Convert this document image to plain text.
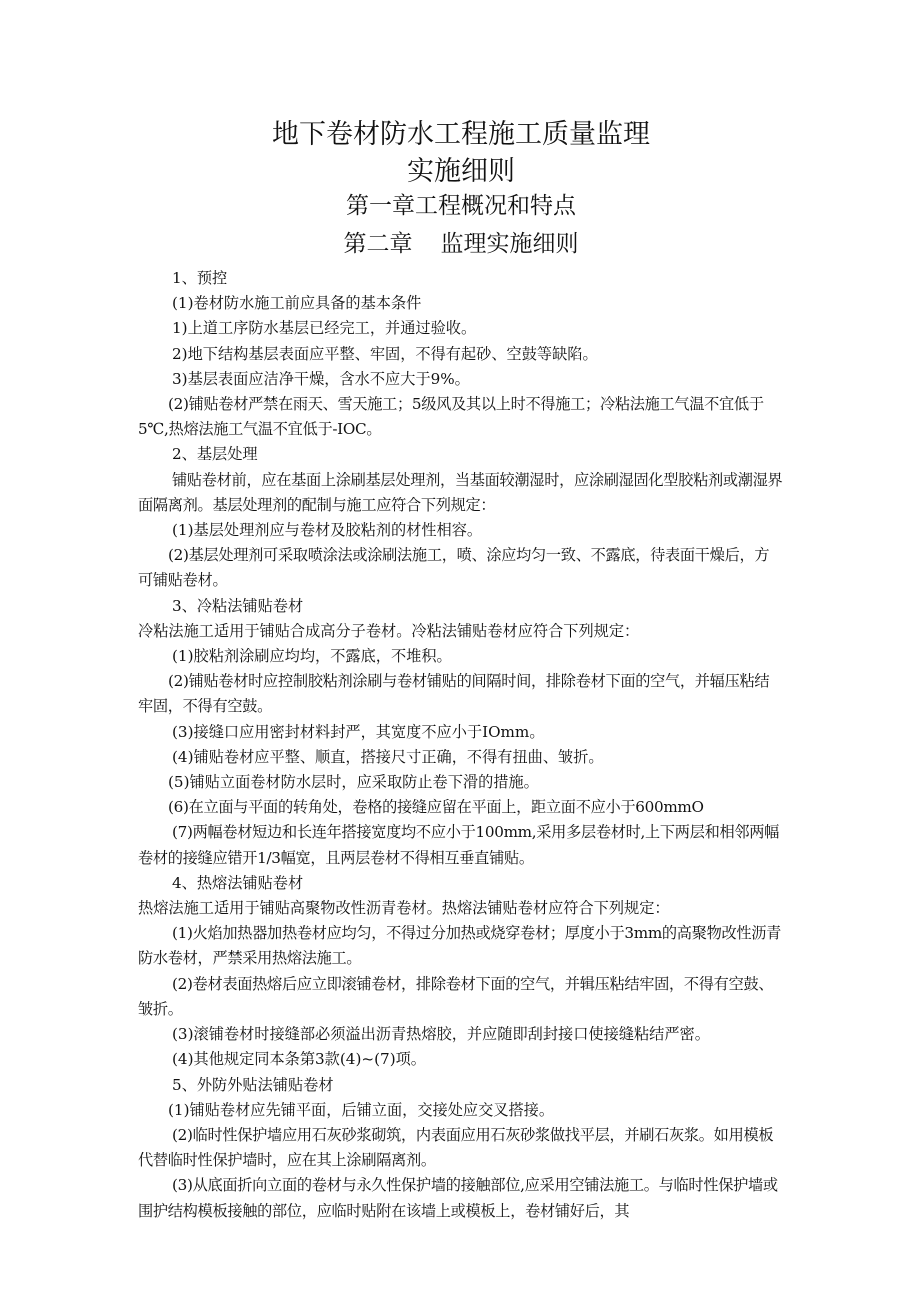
地下卷材防水工程施工质量监理
实施细则
第一章工程概况和特点
第二章 监理实施细则

1、预控

(1)卷材防水施工前应具备的基本条件

1)上道工序防水基层已经完工，并通过验收。

2)地下结构基层表面应平整、牢固，不得有起砂、空鼓等缺陷。

3)基层表面应洁净干燥，含水不应大于9%。

(2)铺贴卷材严禁在雨天、雪天施工；5级风及其以上时不得施工；冷粘法施工气温不宜低于5℃,热熔法施工气温不宜低于-IOC。

2、基层处理

铺贴卷材前，应在基面上涂刷基层处理剂，当基面较潮湿时，应涂刷湿固化型胶粘剂或潮湿界面隔离剂。基层处理剂的配制与施工应符合下列规定：

(1)基层处理剂应与卷材及胶粘剂的材性相容。

(2)基层处理剂可采取喷涂法或涂刷法施工，喷、涂应均匀一致、不露底，待表面干燥后，方可铺贴卷材。

3、冷粘法铺贴卷材

冷粘法施工适用于铺贴合成高分子卷材。冷粘法铺贴卷材应符合下列规定：

(1)胶粘剂涂刷应均均，不露底，不堆积。

(2)铺贴卷材时应控制胶粘剂涂刷与卷材铺贴的间隔时间，排除卷材下面的空气，并辐压粘结牢固，不得有空鼓。

(3)接缝口应用密封材料封严，其宽度不应小于IOmm。

(4)铺贴卷材应平整、顺直，搭接尺寸正确，不得有扭曲、皱折。

(5)铺贴立面卷材防水层时，应采取防止卷下滑的措施。

(6)在立面与平面的转角处，卷格的接缝应留在平面上，距立面不应小于600mmO

(7)两幅卷材短边和长连年搭接宽度均不应小于100mm,采用多层卷材时,上下两层和相邻两幅卷材的接缝应错开1/3幅宽，且两层卷材不得相互垂直铺贴。

4、热熔法铺贴卷材

热熔法施工适用于铺贴高聚物改性沥青卷材。热熔法铺贴卷材应符合下列规定：

(1)火焰加热器加热卷材应均匀，不得过分加热或烧穿卷材；厚度小于3mm的高聚物改性沥青防水卷材，严禁采用热熔法施工。

(2)卷材表面热熔后应立即滚铺卷材，排除卷材下面的空气，并辑压粘结牢固，不得有空鼓、皱折。

(3)滚铺卷材时接缝部必须溢出沥青热熔胶，并应随即刮封接口使接缝粘结严密。

(4)其他规定同本条第3款(4)~(7)项。

5、外防外贴法铺贴卷材

(1)铺贴卷材应先铺平面，后铺立面，交接处应交叉搭接。

(2)临时性保护墙应用石灰砂浆砌筑，内表面应用石灰砂浆做找平层，并刷石灰浆。如用模板代替临时性保护墙时，应在其上涂刷隔离剂。

(3)从底面折向立面的卷材与永久性保护墙的接触部位,应采用空铺法施工。与临时性保护墙或围护结构模板接触的部位，应临时贴附在该墙上或模板上，卷材铺好后，其
